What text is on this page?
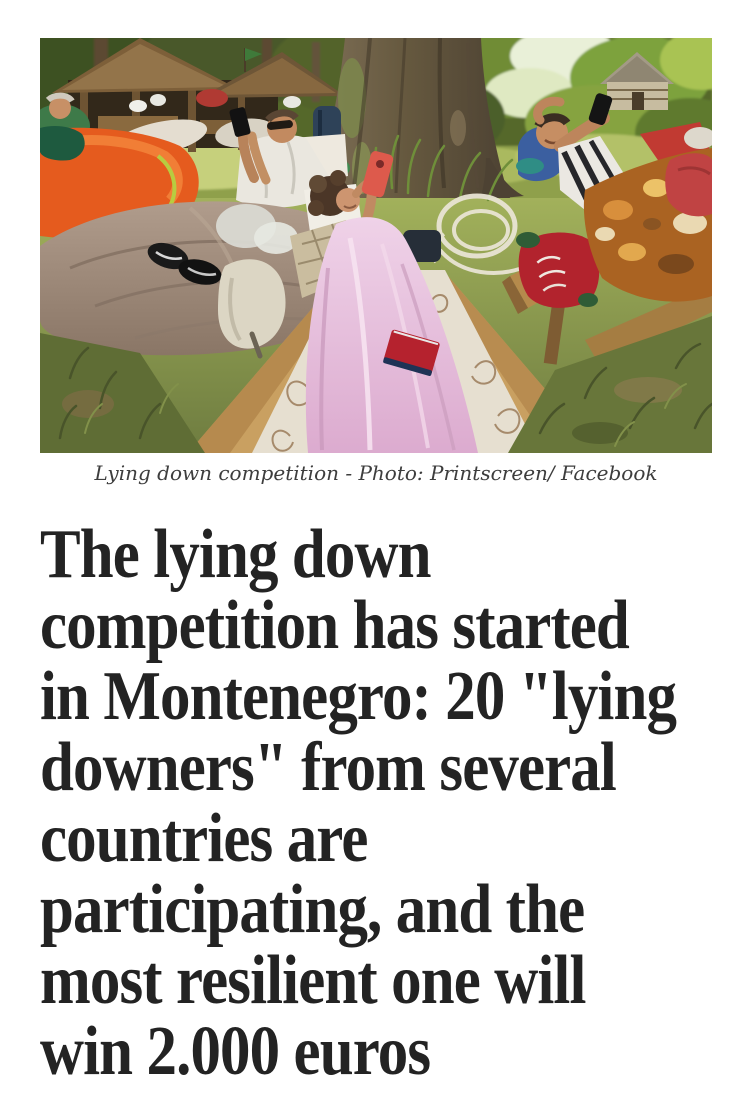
Lying down competition - Photo: Printscreen/ Facebook
The lying down
competition has started
in Montenegro: 20 "lying
downers" from several
countries are
participating, and the
most resilient one will
win 2.000 euros
